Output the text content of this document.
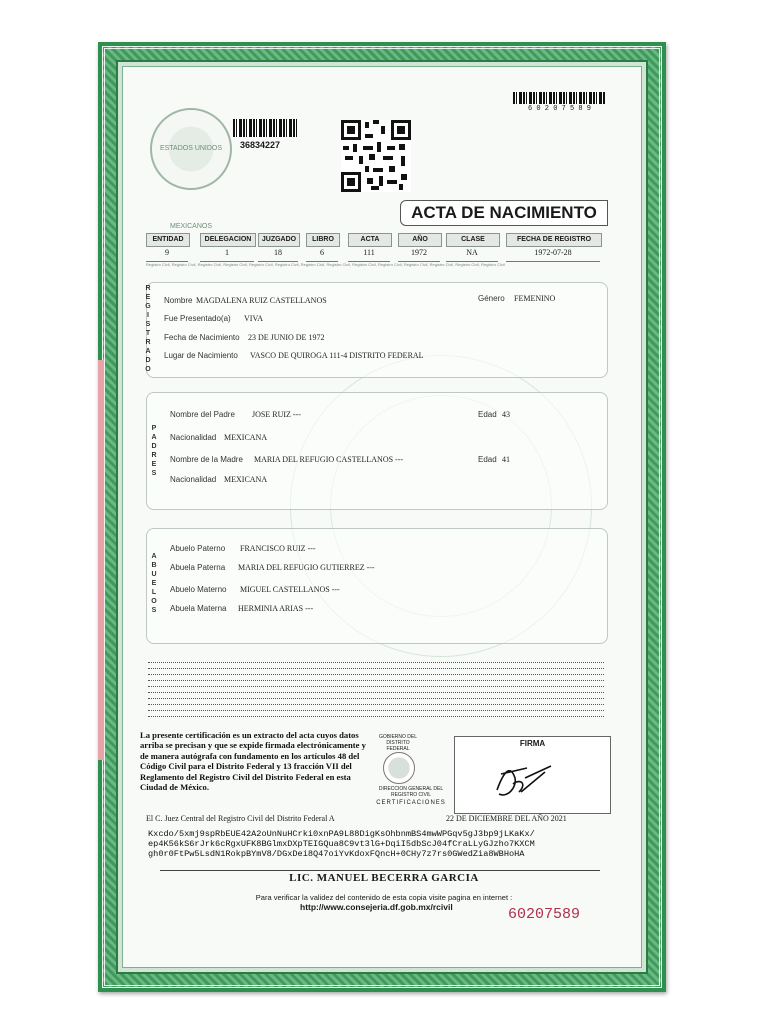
ESTADOS UNIDOS MEXICANOS
36834227
6 0 2 0 7 5 8 9
ACTA DE NACIMIENTO
ENTIDAD	DELEGACION	JUZGADO	LIBRO	ACTA	AÑO	CLASE	FECHA DE REGISTRO
9	1	18	6	111	1972	NA	1972-07-28
Registro Civil, Registro Civil, Registro Civil, Registro Civil, Registro Civil, Registro Civil, Registro Civil, Registro Civil, Registro Civil, Registro Civil, Registro Civil, Registro Civil, Registro Civil, Registro Civil
REGISTRADO
Nombre MAGDALENA RUIZ CASTELLANOS	Género FEMENINO
Fue Presentado(a) VIVA
Fecha de Nacimiento 23 DE JUNIO DE 1972
Lugar de Nacimiento VASCO DE QUIROGA 111-4 DISTRITO FEDERAL
PADRES
Nombre del Padre JOSE RUIZ ---	Edad 43
Nacionalidad MEXICANA
Nombre de la Madre MARIA DEL REFUGIO CASTELLANOS ---	Edad 41
Nacionalidad MEXICANA
ABUELOS
Abuelo Paterno FRANCISCO RUIZ ---
Abuela Paterna MARIA DEL REFUGIO GUTIERREZ ---
Abuelo Materno MIGUEL CASTELLANOS ---
Abuela Materna HERMINIA ARIAS ---
La presente certificación es un extracto del acta cuyos datos arriba se precisan y que se expide firmada electrónicamente y de manera autógrafa con fundamento en los artículos 48 del Código Civil para el Distrito Federal y 13 fracción VII del Reglamento del Registro Civil del Distrito Federal en esta Ciudad de México.
GOBIERNO DEL DISTRITO FEDERAL
DIRECCION GENERAL DEL REGISTRO CIVIL
CERTIFICACIONES
FIRMA
El C. Juez Central del Registro Civil del Distrito Federal A	22 DE DICIEMBRE DEL AÑO 2021
Kxcdo/5xmj9spRbEUE42A2oUnNuHCrki0xnPA9L88DigKsOhbnmBS4mwWPGqv5gJ3bp9jLKaKx/
ep4K56kS6rJrk6cRgxUFK8BGlmxDXpTEIGQua8C9vt3lG+DqiI5dbScJ04fCraLLyGJzho7KXCM
gh0r0FtPw5LsdN1RokpBYmV8/DGxDei8Q47oiYvKdoxFQncH+0CHy7z7rs0GWedZia8WBHoHA
LIC. MANUEL BECERRA GARCIA
Para verificar la validez del contenido de esta copia visite pagina en internet :
http://www.consejeria.df.gob.mx/rcivil	60207589
